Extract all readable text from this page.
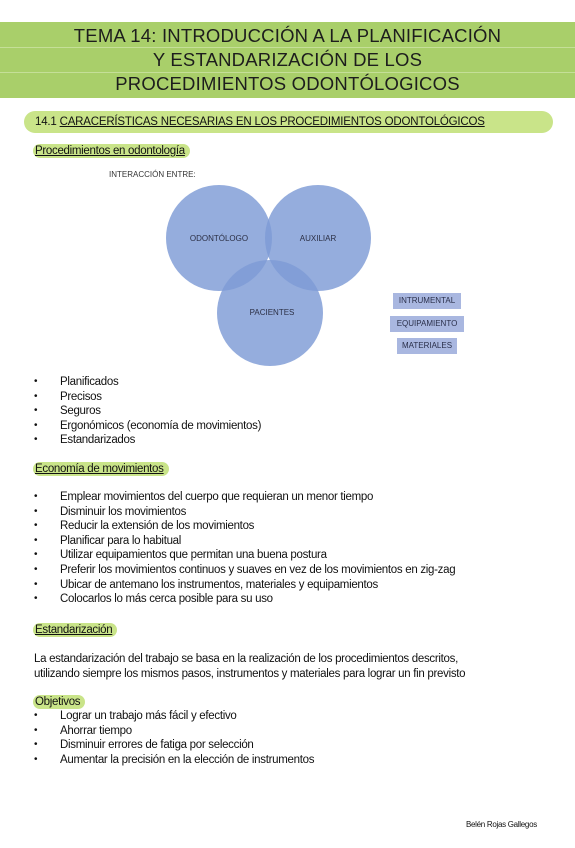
TEMA 14: INTRODUCCIÓN A LA PLANIFICACIÓN
Y ESTANDARIZACIÓN DE LOS
PROCEDIMIENTOS ODONTÓLOGICOS
14.1 CARACERÍSTICAS NECESARIAS EN LOS PROCEDIMIENTOS ODONTOLÓGICOS
Procedimientos en odontología
INTERACCIÓN ENTRE:
ODONTÓLOGO	AUXILIAR
PACIENTES
INTRUMENTAL
EQUIPAMIENTO
MATERIALES
• Planificados
• Precisos
• Seguros
• Ergonómicos (economía de movimientos)
• Estandarizados
Economía de movimientos
• Emplear movimientos del cuerpo que requieran un menor tiempo
• Disminuir los movimientos
• Reducir la extensión de los movimientos
• Planificar para lo habitual
• Utilizar equipamientos que permitan una buena postura
• Preferir los movimientos continuos y suaves en vez de los movimientos en zig-zag
• Ubicar de antemano los instrumentos, materiales y equipamientos
• Colocarlos lo más cerca posible para su uso
Estandarización
La estandarización del trabajo se basa en la realización de los procedimientos descritos,
utilizando siempre los mismos pasos, instrumentos y materiales para lograr un fin previsto
Objetivos
• Lograr un trabajo más fácil y efectivo
• Ahorrar tiempo
• Disminuir errores de fatiga por selección
• Aumentar la precisión en la elección de instrumentos
Belén Rojas Gallegos
